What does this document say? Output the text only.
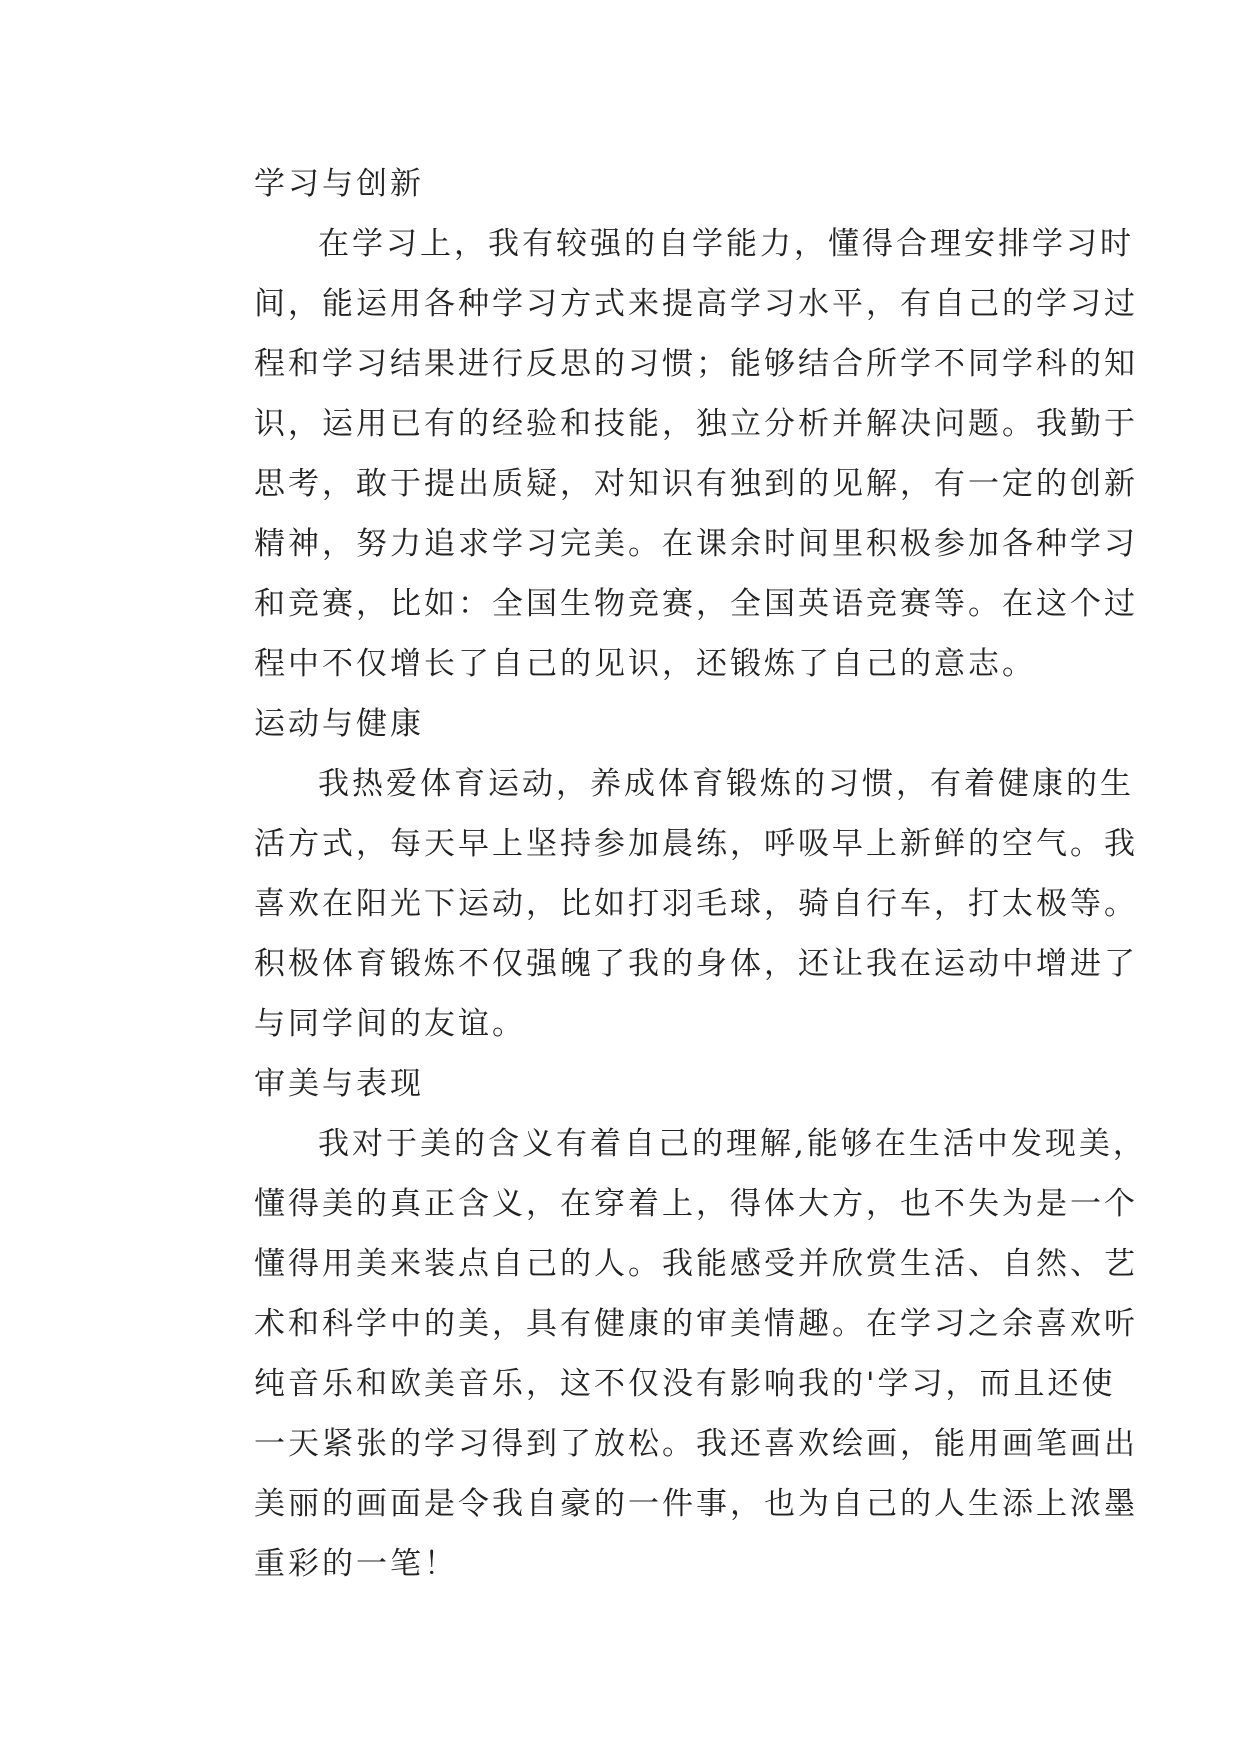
学习与创新
在学习上，我有较强的自学能力，懂得合理安排学习时
间，能运用各种学习方式来提高学习水平，有自己的学习过
程和学习结果进行反思的习惯；能够结合所学不同学科的知
识，运用已有的经验和技能，独立分析并解决问题。我勤于
思考，敢于提出质疑，对知识有独到的见解，有一定的创新
精神，努力追求学习完美。在课余时间里积极参加各种学习
和竞赛，比如：全国生物竞赛，全国英语竞赛等。在这个过
程中不仅增长了自己的见识，还锻炼了自己的意志。
运动与健康
我热爱体育运动，养成体育锻炼的习惯，有着健康的生
活方式，每天早上坚持参加晨练，呼吸早上新鲜的空气。我
喜欢在阳光下运动，比如打羽毛球，骑自行车，打太极等。
积极体育锻炼不仅强魄了我的身体，还让我在运动中增进了
与同学间的友谊。
审美与表现
我对于美的含义有着自己的理解,能够在生活中发现美，
懂得美的真正含义，在穿着上，得体大方，也不失为是一个
懂得用美来装点自己的人。我能感受并欣赏生活、自然、艺
术和科学中的美，具有健康的审美情趣。在学习之余喜欢听
纯音乐和欧美音乐，这不仅没有影响我的'学习，而且还使
一天紧张的学习得到了放松。我还喜欢绘画，能用画笔画出
美丽的画面是令我自豪的一件事，也为自己的人生添上浓墨
重彩的一笔！
